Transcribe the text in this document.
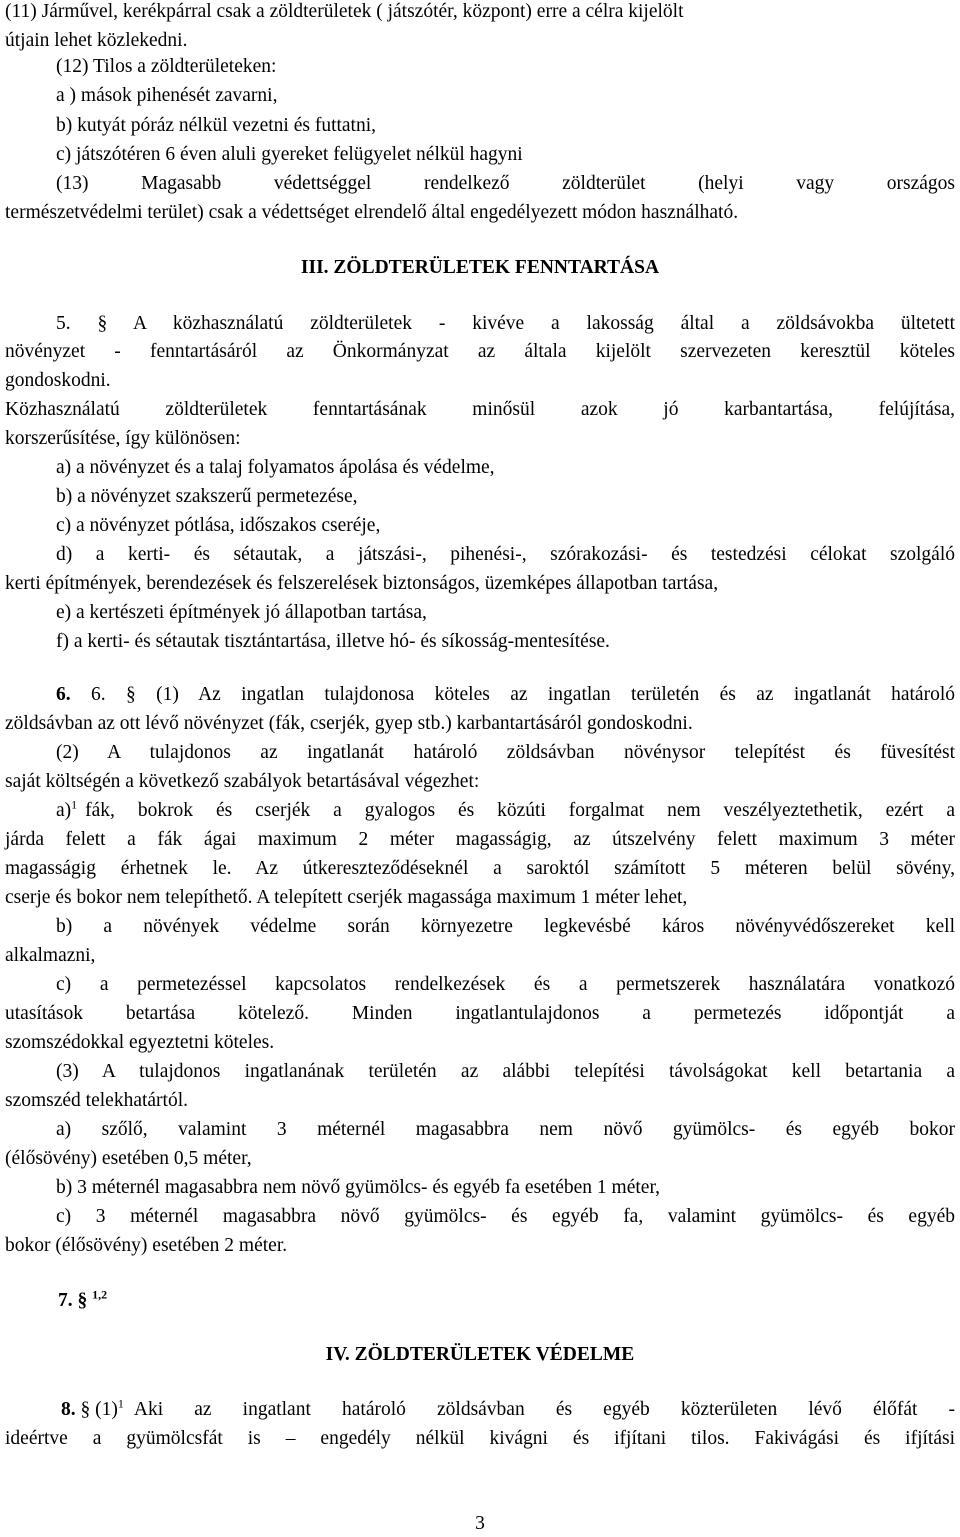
(11) Járművel, kerékpárral csak a zöldterületek ( játszótér, központ) erre a célra kijelölt
útjain lehet közlekedni.
(12) Tilos a zöldterületeken:
a ) mások pihenését zavarni,
b) kutyát póráz nélkül vezetni és futtatni,
c) játszótéren 6 éven aluli gyereket felügyelet nélkül hagyni
(13) Magasabb védettséggel rendelkező zöldterület (helyi vagy országos
természetvédelmi terület) csak a védettséget elrendelő által engedélyezett módon használható.
III. ZÖLDTERÜLETEK FENNTARTÁSA
5. § A közhasználatú zöldterületek - kivéve a lakosság által a zöldsávokba ültetett
növényzet - fenntartásáról az Önkormányzat az általa kijelölt szervezeten keresztül köteles
gondoskodni.
Közhasználatú zöldterületek fenntartásának minősül azok jó karbantartása, felújítása,
korszerűsítése, így különösen:
a) a növényzet és a talaj folyamatos ápolása és védelme,
b) a növényzet szakszerű permetezése,
c) a növényzet pótlása, időszakos cseréje,
d) a kerti- és sétautak, a játszási-, pihenési-, szórakozási- és testedzési célokat szolgáló
kerti építmények, berendezések és felszerelések biztonságos, üzemképes állapotban tartása,
e) a kertészeti építmények jó állapotban tartása,
f) a kerti- és sétautak tisztántartása, illetve hó- és síkosság-mentesítése.
6. 6. § (1) Az ingatlan tulajdonosa köteles az ingatlan területén és az ingatlanát határoló
zöldsávban az ott lévő növényzet (fák, cserjék, gyep stb.) karbantartásáról gondoskodni.
(2) A tulajdonos az ingatlanát határoló zöldsávban növénysor telepítést és füvesítést
saját költségén a következő szabályok betartásával végezhet:
a)$^1$ fák, bokrok és cserjék a gyalogos és közúti forgalmat nem veszélyeztethetik, ezért a
járda felett a fák ágai maximum 2 méter magasságig, az útszelvény felett maximum 3 méter
magasságig érhetnek le. Az útkereszteződéseknél a saroktól számított 5 méteren belül sövény,
cserje és bokor nem telepíthető. A telepített cserjék magassága maximum 1 méter lehet,
b) a növények védelme során környezetre legkevésbé káros növényvédőszereket kell
alkalmazni,
c) a permetezéssel kapcsolatos rendelkezések és a permetszerek használatára vonatkozó
utasítások betartása kötelező. Minden ingatlantulajdonos a permetezés időpontját a
szomszédokkal egyeztetni köteles.
(3) A tulajdonos ingatlanának területén az alábbi telepítési távolságokat kell betartania a
szomszéd telekhatártól.
a) szőlő, valamint 3 méternél magasabbra nem növő gyümölcs- és egyéb bokor
(élősövény) esetében 0,5 méter,
b) 3 méternél magasabbra nem növő gyümölcs- és egyéb fa esetében 1 méter,
c) 3 méternél magasabbra növő gyümölcs- és egyéb fa, valamint gyümölcs- és egyéb
bokor (élősövény) esetében 2 méter.
7. § $^{1,2}$
IV. ZÖLDTERÜLETEK VÉDELME
8. § $(1)^1$ Aki az ingatlant határoló zöldsávban és egyéb közterületen lévő élőfát -
ideértve a gyümölcsfát is – engedély nélkül kivágni és ifjítani tilos. Fakivágási és ifjítási
3
